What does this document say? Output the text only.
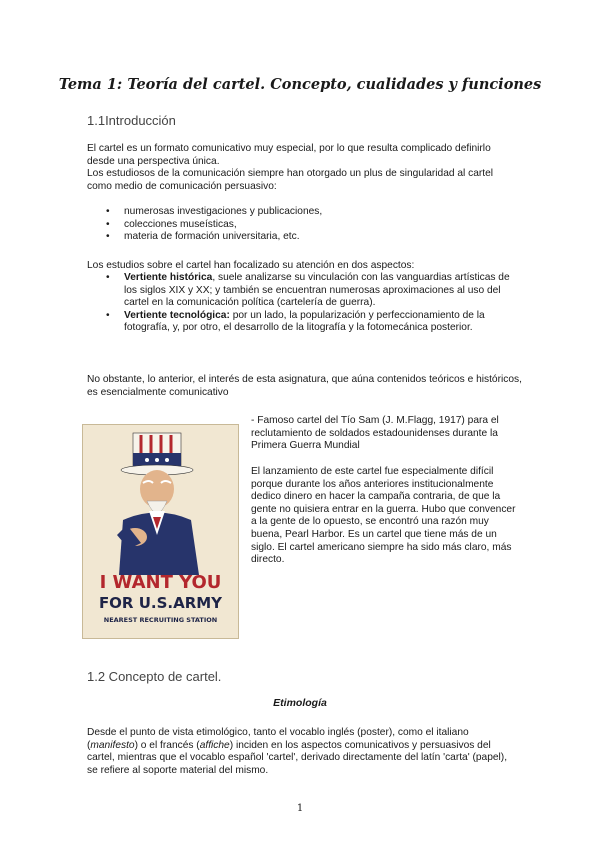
Tema 1: Teoría del cartel. Concepto, cualidades y funciones
1.1Introducción

El cartel es un formato comunicativo muy especial, por lo que resulta complicado definirlo desde una perspectiva única.

Los estudiosos de la comunicación siempre han otorgado un plus de singularidad al cartel como medio de comunicación persuasivo:

• numerosas investigaciones y publicaciones,
• colecciones museísticas,
• materia de formación universitaria, etc.

Los estudios sobre el cartel han focalizado su atención en dos aspectos:

• Vertiente histórica, suele analizarse su vinculación con las vanguardias artísticas de los siglos XIX y XX; y también se encuentran numerosas aproximaciones al uso del cartel en la comunicación política (cartelería de guerra).
• Vertiente tecnológica: por un lado, la popularización y perfeccionamiento de la fotografía, y, por otro, el desarrollo de la litografía y la fotomecánica posterior.

No obstante, lo anterior, el interés de esta asignatura, que aúna contenidos teóricos e históricos, es esencialmente comunicativo

I WANT YOU
FOR U.S.ARMY
NEAREST RECRUITING STATION

- Famoso cartel del Tío Sam (J. M.Flagg, 1917) para el reclutamiento de soldados estadounidenses durante la Primera Guerra Mundial

El lanzamiento de este cartel fue especialmente difícil porque durante los años anteriores institucionalmente dedico dinero en hacer la campaña contraria, de que la gente no quisiera entrar en la guerra. Hubo que convencer a la gente de lo opuesto, se encontró una razón muy buena, Pearl Harbor. Es un cartel que tiene más de un siglo. El cartel americano siempre ha sido más claro, más directo.

1.2 Concepto de cartel.
Etimología

Desde el punto de vista etimológico, tanto el vocablo inglés (poster), como el italiano (manifesto) o el francés (affiche) inciden en los aspectos comunicativos y persuasivos del cartel, mientras que el vocablo español 'cartel', derivado directamente del latín 'carta' (papel), se refiere al soporte material del mismo.

1
